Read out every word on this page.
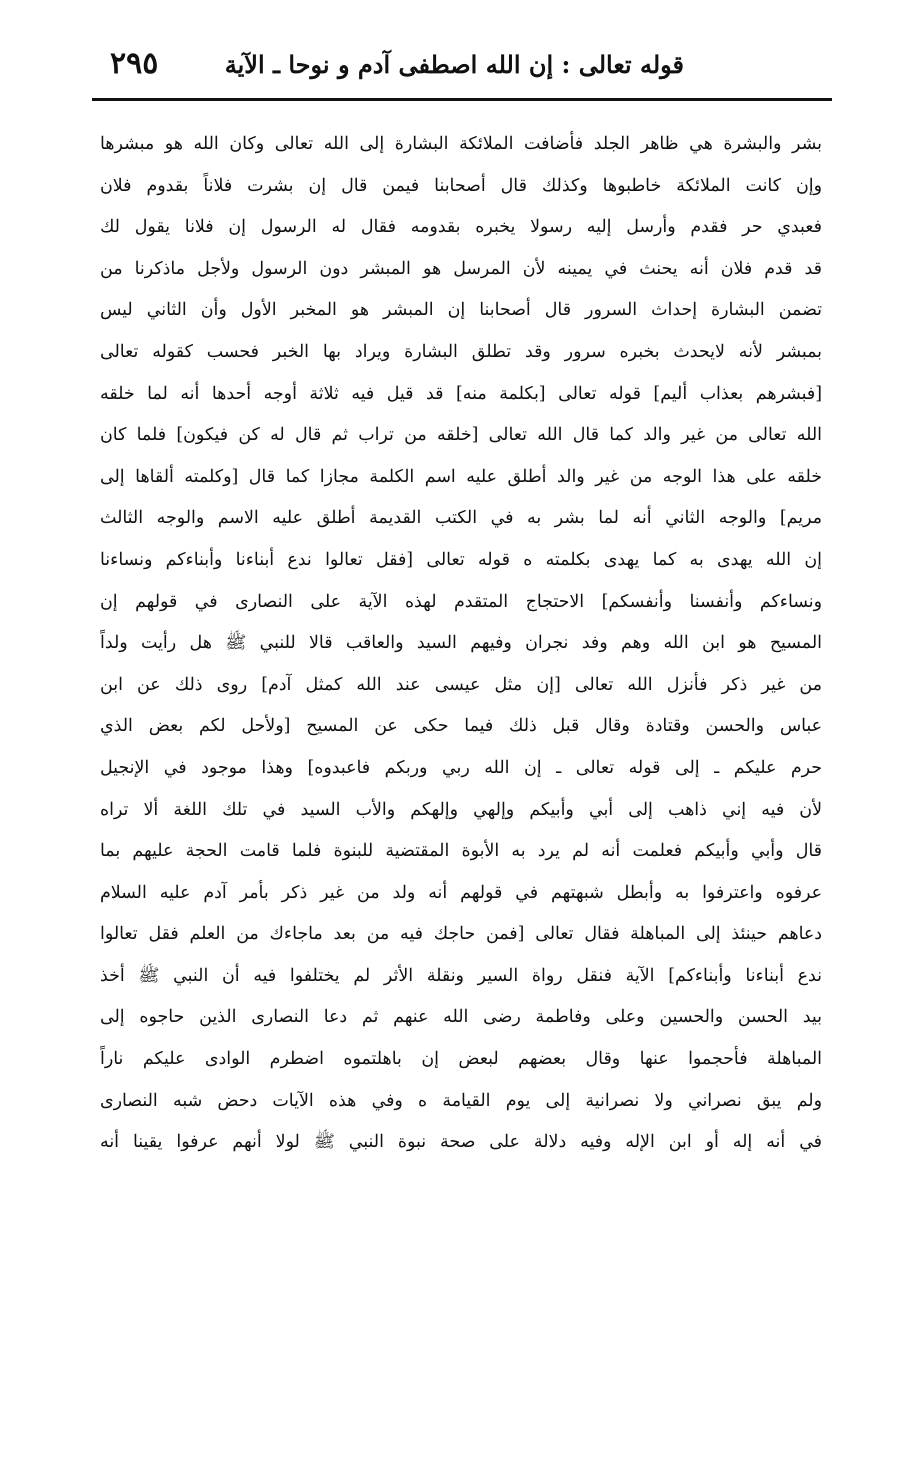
قوله تعالى : إن الله اصطفى آدم و نوحا ـ الآية
٢٩٥
بشر والبشرة هي ظاهر الجلد فأضافت الملائكة البشارة إلى الله تعالى وكان الله هو مبشرها
وإن كانت الملائكة خاطبوها وكذلك قال أصحابنا فيمن قال إن بشرت فلاناً بقدوم فلان
فعبدي حر فقدم وأرسل إليه رسولا يخبره بقدومه فقال له الرسول إن فلانا يقول لك
قد قدم فلان أنه يحنث في يمينه لأن المرسل هو المبشر دون الرسول ولأجل ماذكرنا من
تضمن البشارة إحداث السرور قال أصحابنا إن المبشر هو المخبر الأول وأن الثاني ليس
بمبشر لأنه لايحدث بخبره سرور وقد تطلق البشارة ويراد بها الخبر فحسب كقوله تعالى
[فبشرهم بعذاب أليم] قوله تعالى [بكلمة منه] قد قيل فيه ثلاثة أوجه أحدها أنه لما خلقه
الله تعالى من غير والد كما قال الله تعالى [خلقه من تراب ثم قال له كن فيكون] فلما كان
خلقه على هذا الوجه من غير والد أطلق عليه اسم الكلمة مجازا كما قال [وكلمته ألقاها إلى
مريم] والوجه الثاني أنه لما بشر به في الكتب القديمة أطلق عليه الاسم والوجه الثالث
إن الله يهدى به كما يهدى بكلمته ه قوله تعالى [فقل تعالوا ندع أبناءنا وأبناءكم ونساءنا
ونساءكم وأنفسنا وأنفسكم] الاحتجاج المتقدم لهذه الآية على النصارى في قولهم إن
المسيح هو ابن الله وهم وفد نجران وفيهم السيد والعاقب قالا للنبي ﷺ هل رأيت ولداً
من غير ذكر فأنزل الله تعالى [إن مثل عيسى عند الله كمثل آدم] روى ذلك عن ابن
عباس والحسن وقتادة وقال قبل ذلك فيما حكى عن المسيح [ولأحل لكم بعض الذي
حرم عليكم ـ إلى قوله تعالى ـ إن الله ربي وربكم فاعبدوه] وهذا موجود في الإنجيل
لأن فيه إني ذاهب إلى أبي وأبيكم وإلهي وإلهكم والأب السيد في تلك اللغة ألا تراه
قال وأبي وأبيكم فعلمت أنه لم يرد به الأبوة المقتضية للبنوة فلما قامت الحجة عليهم بما
عرفوه واعترفوا به وأبطل شبهتهم في قولهم أنه ولد من غير ذكر بأمر آدم عليه السلام
دعاهم حينئذ إلى المباهلة فقال تعالى [فمن حاجك فيه من بعد ماجاءك من العلم فقل تعالوا
ندع أبناءنا وأبناءكم] الآية فنقل رواة السير ونقلة الأثر لم يختلفوا فيه أن النبي ﷺ أخذ
بيد الحسن والحسين وعلى وفاطمة رضى الله عنهم ثم دعا النصارى الذين حاجوه إلى
المباهلة فأحجموا عنها وقال بعضهم لبعض إن باهلتموه اضطرم الوادى عليكم ناراً
ولم يبق نصراني ولا نصرانية إلى يوم القيامة ه وفي هذه الآيات دحض شبه النصارى
في أنه إله أو ابن الإله وفيه دلالة على صحة نبوة النبي ﷺ لولا أنهم عرفوا يقينا أنه
